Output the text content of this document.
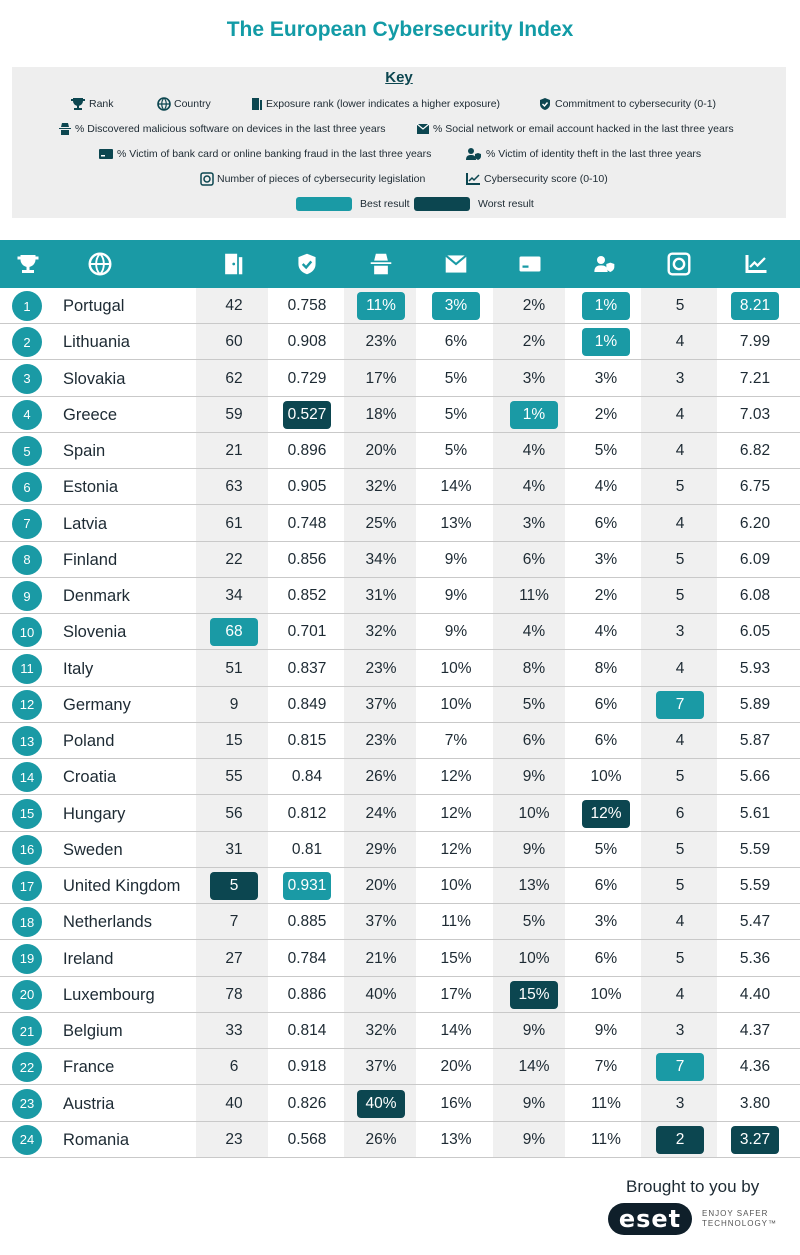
The European Cybersecurity Index
Key
Rank	Country	Exposure rank (lower indicates a higher exposure)	Commitment to cybersecurity (0-1)
% Discovered malicious software on devices in the last three years	% Social network or email account hacked in the last three years
% Victim of bank card or online banking fraud in the last three years	% Victim of identity theft in the last three years
Number of pieces of cybersecurity legislation	Cybersecurity score (0-10)
Best result	Worst result
1	Portugal	42	0.758	11%	3%	2%	1%	5	8.21
2	Lithuania	60	0.908	23%	6%	2%	1%	4	7.99
3	Slovakia	62	0.729	17%	5%	3%	3%	3	7.21
4	Greece	59	0.527	18%	5%	1%	2%	4	7.03
5	Spain	21	0.896	20%	5%	4%	5%	4	6.82
6	Estonia	63	0.905	32%	14%	4%	4%	5	6.75
7	Latvia	61	0.748	25%	13%	3%	6%	4	6.20
8	Finland	22	0.856	34%	9%	6%	3%	5	6.09
9	Denmark	34	0.852	31%	9%	11%	2%	5	6.08
10	Slovenia	68	0.701	32%	9%	4%	4%	3	6.05
11	Italy	51	0.837	23%	10%	8%	8%	4	5.93
12	Germany	9	0.849	37%	10%	5%	6%	7	5.89
13	Poland	15	0.815	23%	7%	6%	6%	4	5.87
14	Croatia	55	0.84	26%	12%	9%	10%	5	5.66
15	Hungary	56	0.812	24%	12%	10%	12%	6	5.61
16	Sweden	31	0.81	29%	12%	9%	5%	5	5.59
17	United Kingdom	5	0.931	20%	10%	13%	6%	5	5.59
18	Netherlands	7	0.885	37%	11%	5%	3%	4	5.47
19	Ireland	27	0.784	21%	15%	10%	6%	5	5.36
20	Luxembourg	78	0.886	40%	17%	15%	10%	4	4.40
21	Belgium	33	0.814	32%	14%	9%	9%	3	4.37
22	France	6	0.918	37%	20%	14%	7%	7	4.36
23	Austria	40	0.826	40%	16%	9%	11%	3	3.80
24	Romania	23	0.568	26%	13%	9%	11%	2	3.27
Brought to you by
eset	ENJOY SAFER
TECHNOLOGY™
